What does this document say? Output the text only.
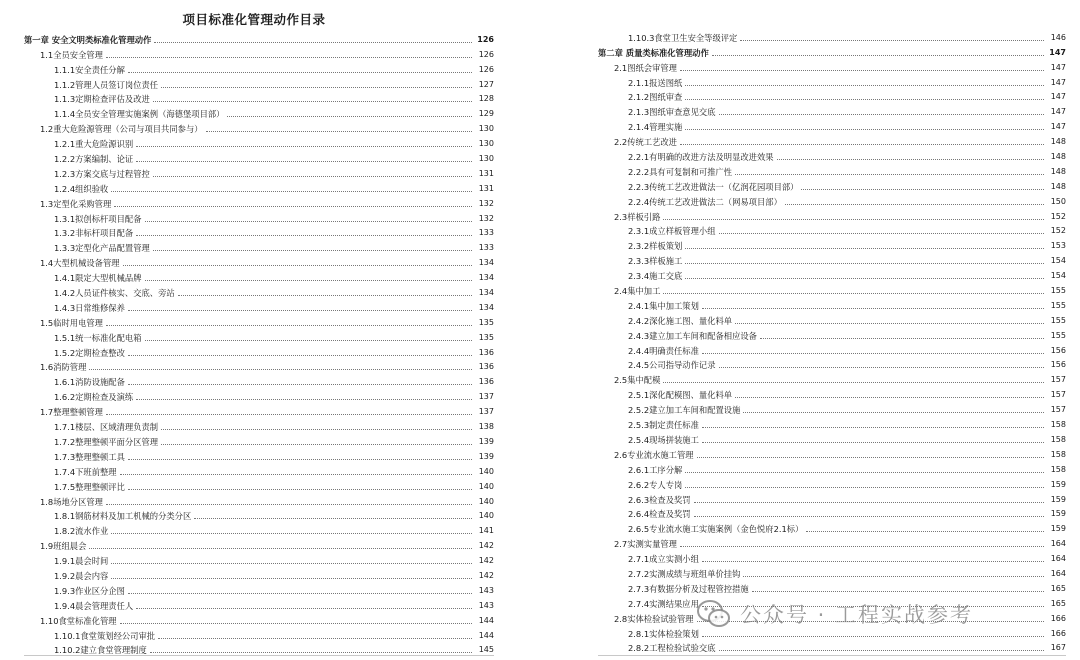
项目标准化管理动作目录
第一章 安全文明类标准化管理动作	126
1.1全员安全管理	126
1.1.1安全责任分解	126
1.1.2管理人员签订岗位责任	127
1.1.3定期检查评估及改进	128
1.1.4全员安全管理实施案例（海德堡项目部）	129
1.2重大危险源管理（公司与项目共同参与）	130
1.2.1重大危险源识别	130
1.2.2方案编制、论证	130
1.2.3方案交底与过程管控	131
1.2.4组织验收	131
1.3定型化采购管理	132
1.3.1拟创标杆项目配备	132
1.3.2非标杆项目配备	133
1.3.3定型化产品配置管理	133
1.4大型机械设备管理	134
1.4.1限定大型机械品牌	134
1.4.2人员证件核实、交底、旁站	134
1.4.3日常维修保养	134
1.5临时用电管理	135
1.5.1统一标准化配电箱	135
1.5.2定期检查整改	136
1.6消防管理	136
1.6.1消防设施配备	136
1.6.2定期检查及演练	137
1.7整理整顿管理	137
1.7.1楼层、区域清理负责制	138
1.7.2整理整顿平面分区管理	139
1.7.3整理整顿工具	139
1.7.4下班前整理	140
1.7.5整理整顿评比	140
1.8场地分区管理	140
1.8.1钢筋材料及加工机械的分类分区	140
1.8.2流水作业	141
1.9班组晨会	142
1.9.1晨会时间	142
1.9.2晨会内容	142
1.9.3作业区分企图	143
1.9.4晨会管理责任人	143
1.10食堂标准化管理	144
1.10.1食堂策划经公司审批	144
1.10.2建立食堂管理制度	145
1.10.3食堂卫生安全等级评定	146
第二章 质量类标准化管理动作	147
2.1图纸会审管理	147
2.1.1报送图纸	147
2.1.2图纸审查	147
2.1.3图纸审查意见交底	147
2.1.4管理实施	147
2.2传统工艺改进	148
2.2.1有明确的改进方法及明显改进效果	148
2.2.2具有可复制和可推广性	148
2.2.3传统工艺改进做法一（亿润花园项目部）	148
2.2.4传统工艺改进做法二（网易项目部）	150
2.3样板引路	152
2.3.1成立样板管理小组	152
2.3.2样板策划	153
2.3.3样板施工	154
2.3.4施工交底	154
2.4集中加工	155
2.4.1集中加工策划	155
2.4.2深化施工图、量化料单	155
2.4.3建立加工车间和配备相应设备	155
2.4.4明确责任标准	156
2.4.5公司指导动作记录	156
2.5集中配模	157
2.5.1深化配模图、量化料单	157
2.5.2建立加工车间和配置设施	157
2.5.3制定责任标准	158
2.5.4现场拼装施工	158
2.6专业流水施工管理	158
2.6.1工序分解	158
2.6.2专人专岗	159
2.6.3检查及奖罚	159
2.6.4检查及奖罚	159
2.6.5专业流水施工实施案例（金色悦府2.1标）	159
2.7实测实量管理	164
2.7.1成立实测小组	164
2.7.2实测成绩与班组单价挂钩	164
2.7.3有数据分析及过程管控措施	165
2.7.4实测结果应用	165
2.8实体检验试验管理	166
2.8.1实体检验策划	166
2.8.2工程检验试验交底	167
公众号 · 工程实战参考
